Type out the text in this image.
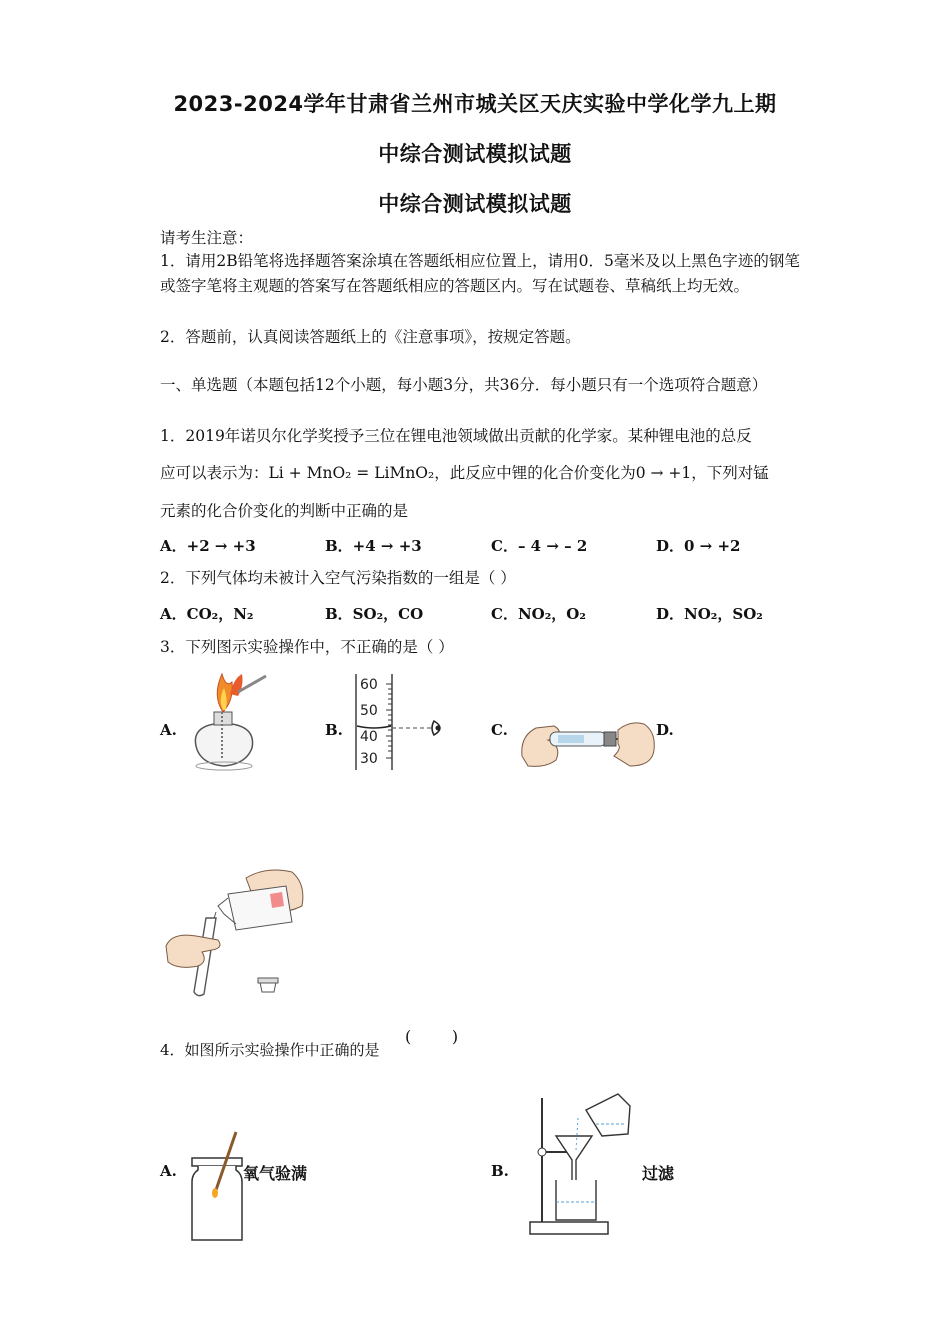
2023-2024学年甘肃省兰州市城关区天庆实验中学化学九上期
中综合测试模拟试题
中综合测试模拟试题
请考生注意：
1．请用2B铅笔将选择题答案涂填在答题纸相应位置上，请用0．5毫米及以上黑色字迹的钢笔或签字笔将主观题的答案写在答题纸相应的答题区内。写在试题卷、草稿纸上均无效。
2．答题前，认真阅读答题纸上的《注意事项》，按规定答题。
一、单选题（本题包括12个小题，每小题3分，共36分．每小题只有一个选项符合题意）
1．2019年诺贝尔化学奖授予三位在锂电池领域做出贡献的化学家。某种锂电池的总反
应可以表示为：Li + MnO₂ = LiMnO₂，此反应中锂的化合价变化为0 → +1，下列对锰
元素的化合价变化的判断中正确的是
A．+2 → +3	B．+4 → +3	C．– 4 → – 2	D．0 → +2
2．下列气体均未被计入空气污染指数的一组是（ ）
A．CO₂，N₂	B．SO₂，CO	C．NO₂，O₂	D．NO₂，SO₂
3．下列图示实验操作中，不正确的是（ ）
A.	B.	C.	D.
60
50
40
30
4．如图所示实验操作中正确的是
(        )
A.	B.
氧气验满	过滤
